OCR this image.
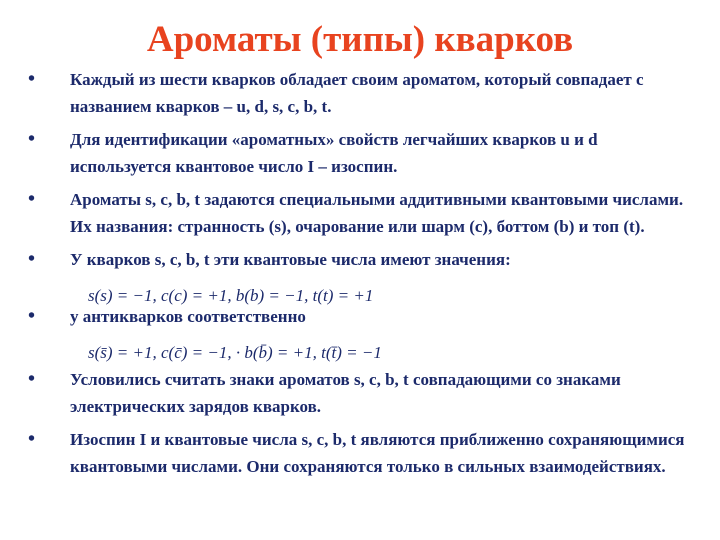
Ароматы (типы) кварков
• Каждый из шести кварков обладает своим ароматом, который совпадает с названием кварков – u, d, s, c, b, t.
• Для идентификации «ароматных» свойств легчайших кварков u и d используется квантовое число I – изоспин.
• Ароматы s, c, b, t задаются специальными аддитивными квантовыми числами. Их названия: странность (s), очарование или шарм (c), боттом (b) и топ (t).
• У кварков s, c, b, t эти квантовые числа имеют значения:
• у антикварков соответственно
• Условились считать знаки ароматов s, c, b, t совпадающими со знаками электрических зарядов кварков.
• Изоспин I и квантовые числа s, c, b, t являются приближенно сохраняющимися квантовыми числами. Они сохраняются только в сильных взаимодействиях.
s(s) = −1, c(c) = +1, b(b) = −1, t(t) = +1
s(s̄) = +1, c(c̄) = −1, · b(b̄) = +1, t(t̄) = −1
